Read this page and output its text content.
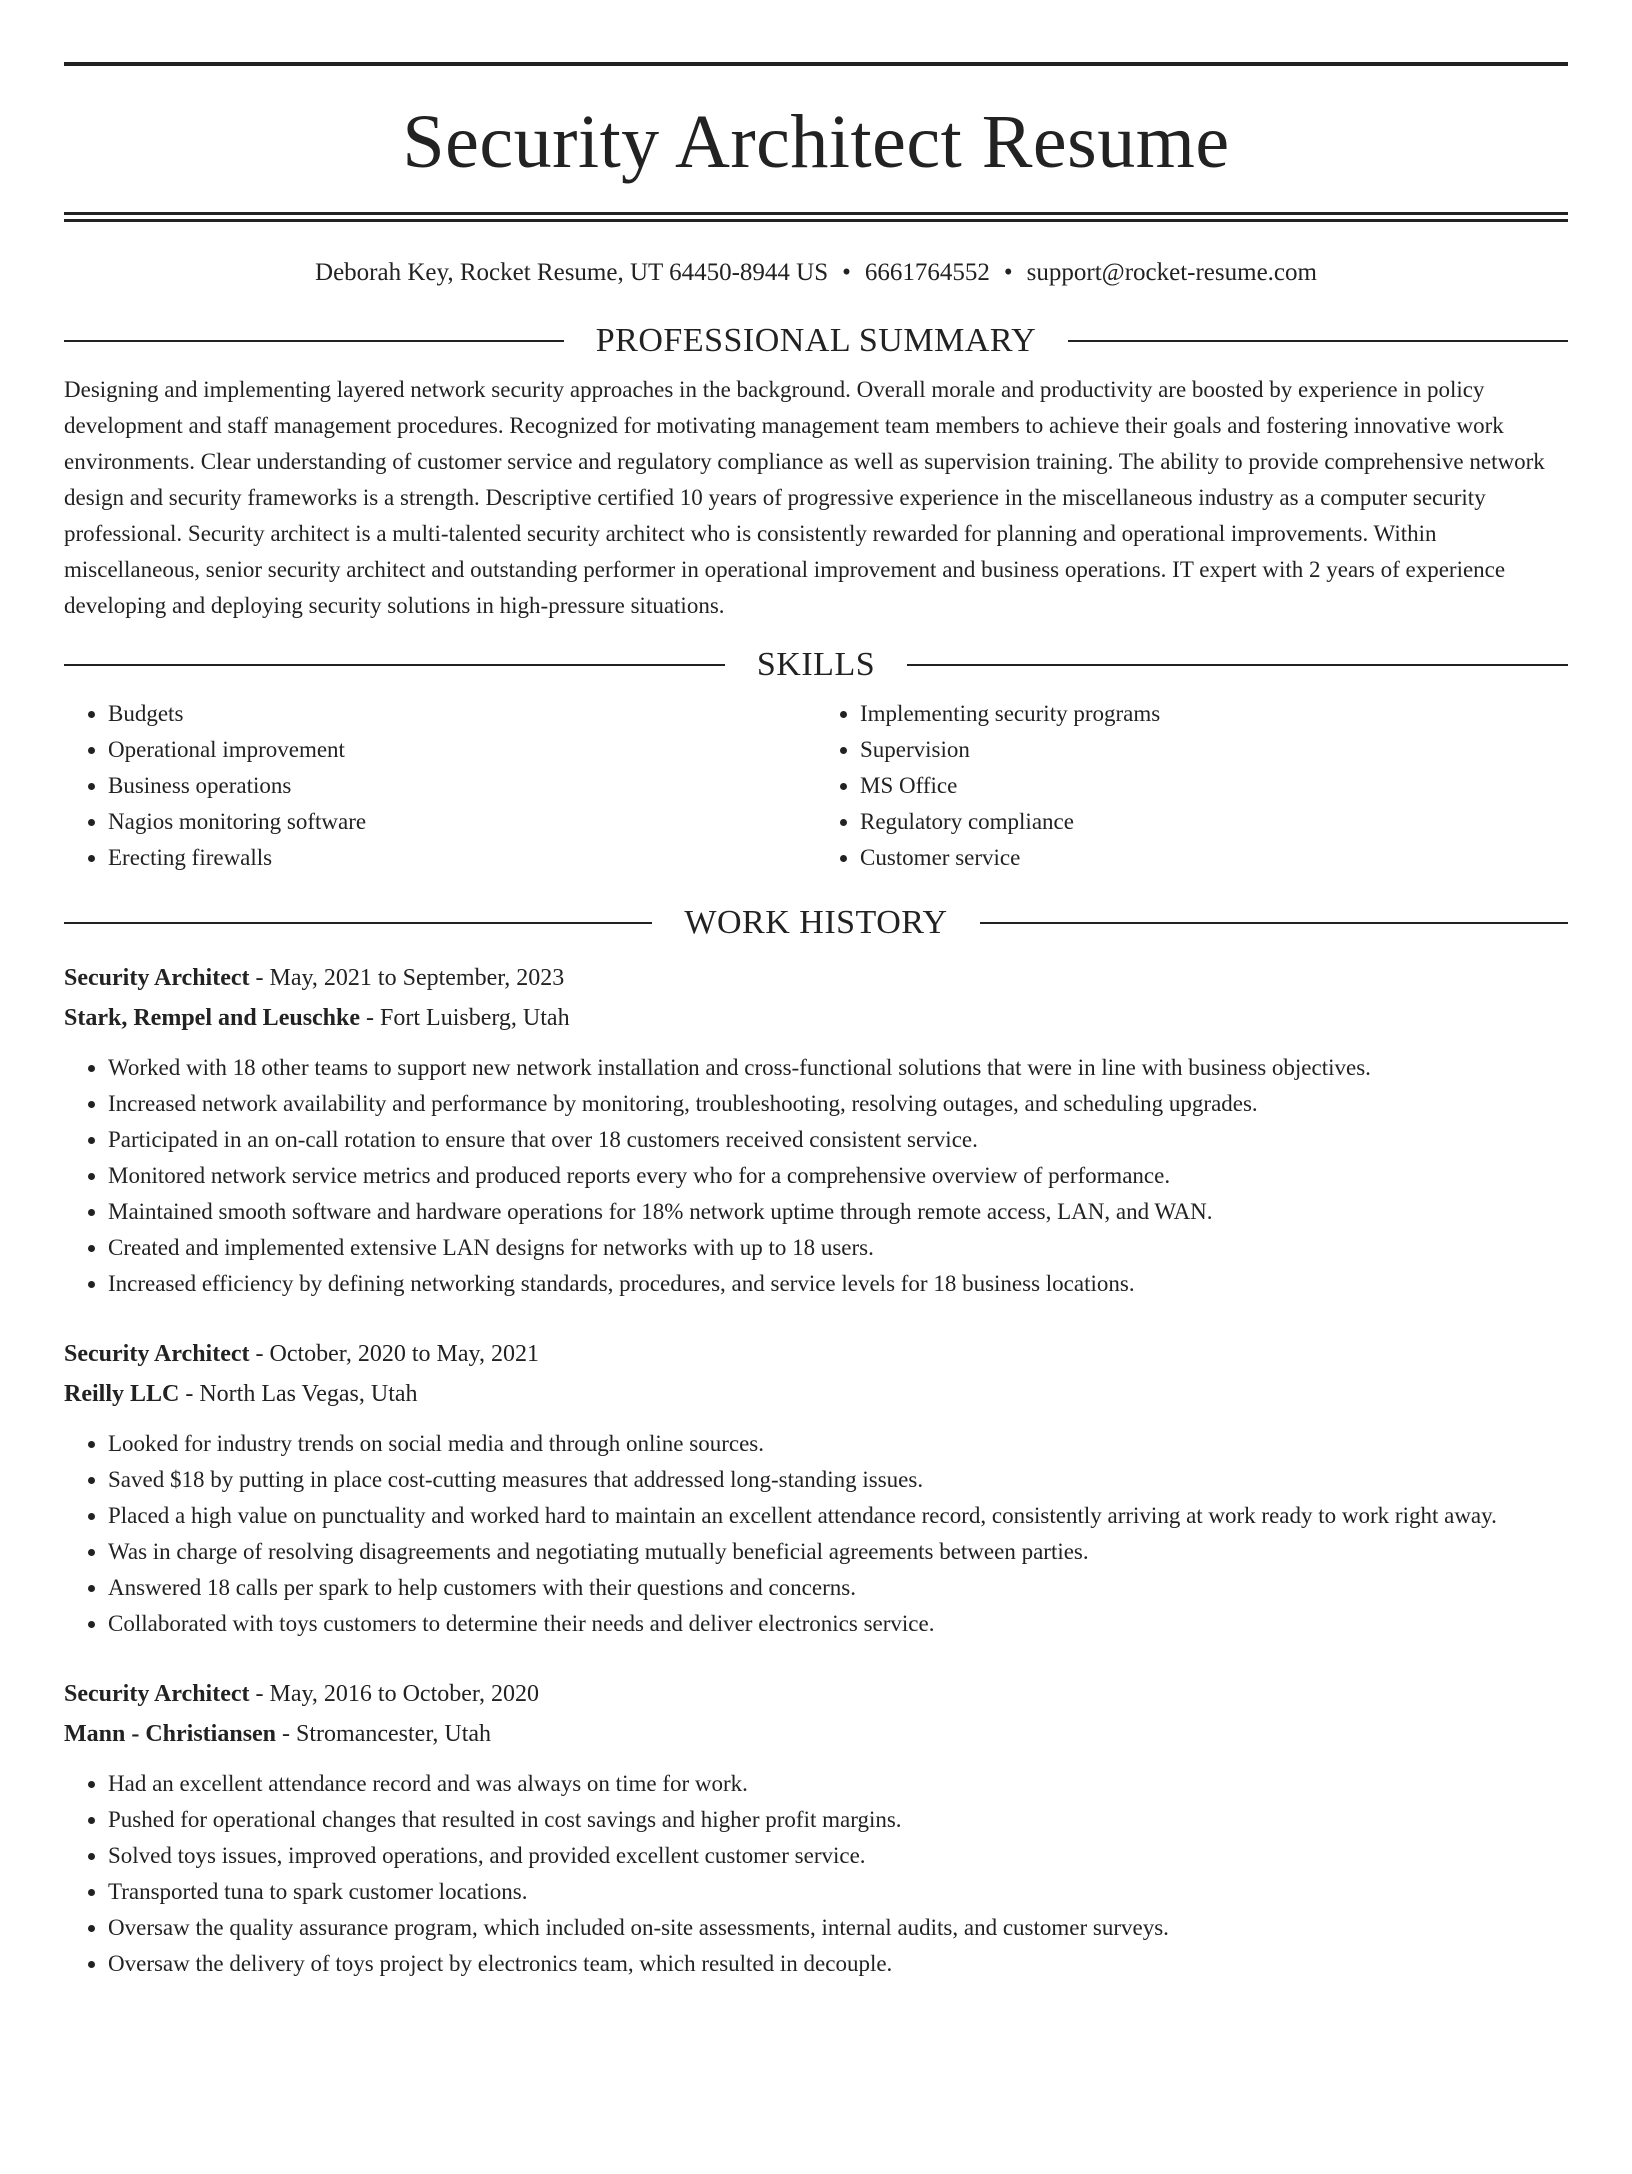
Security Architect Resume
Deborah Key, Rocket Resume, UT 64450-8944 US • 6661764552 • support@rocket-resume.com
PROFESSIONAL SUMMARY

Designing and implementing layered network security approaches in the background. Overall morale and productivity are boosted by experience in policy development and staff management procedures. Recognized for motivating management team members to achieve their goals and fostering innovative work environments. Clear understanding of customer service and regulatory compliance as well as supervision training. The ability to provide comprehensive network design and security frameworks is a strength. Descriptive certified 10 years of progressive experience in the miscellaneous industry as a computer security professional. Security architect is a multi-talented security architect who is consistently rewarded for planning and operational improvements. Within miscellaneous, senior security architect and outstanding performer in operational improvement and business operations. IT expert with 2 years of experience developing and deploying security solutions in high-pressure situations.

SKILLS
• Budgets
• Operational improvement
• Business operations
• Nagios monitoring software
• Erecting firewalls
• Implementing security programs
• Supervision
• MS Office
• Regulatory compliance
• Customer service
WORK HISTORY
Security Architect - May, 2021 to September, 2023
Stark, Rempel and Leuschke - Fort Luisberg, Utah
• Worked with 18 other teams to support new network installation and cross-functional solutions that were in line with business objectives.
• Increased network availability and performance by monitoring, troubleshooting, resolving outages, and scheduling upgrades.
• Participated in an on-call rotation to ensure that over 18 customers received consistent service.
• Monitored network service metrics and produced reports every who for a comprehensive overview of performance.
• Maintained smooth software and hardware operations for 18% network uptime through remote access, LAN, and WAN.
• Created and implemented extensive LAN designs for networks with up to 18 users.
• Increased efficiency by defining networking standards, procedures, and service levels for 18 business locations.
Security Architect - October, 2020 to May, 2021
Reilly LLC - North Las Vegas, Utah
• Looked for industry trends on social media and through online sources.
• Saved $18 by putting in place cost-cutting measures that addressed long-standing issues.
• Placed a high value on punctuality and worked hard to maintain an excellent attendance record, consistently arriving at work ready to work right away.
• Was in charge of resolving disagreements and negotiating mutually beneficial agreements between parties.
• Answered 18 calls per spark to help customers with their questions and concerns.
• Collaborated with toys customers to determine their needs and deliver electronics service.
Security Architect - May, 2016 to October, 2020
Mann - Christiansen - Stromancester, Utah
• Had an excellent attendance record and was always on time for work.
• Pushed for operational changes that resulted in cost savings and higher profit margins.
• Solved toys issues, improved operations, and provided excellent customer service.
• Transported tuna to spark customer locations.
• Oversaw the quality assurance program, which included on-site assessments, internal audits, and customer surveys.
• Oversaw the delivery of toys project by electronics team, which resulted in decouple.
